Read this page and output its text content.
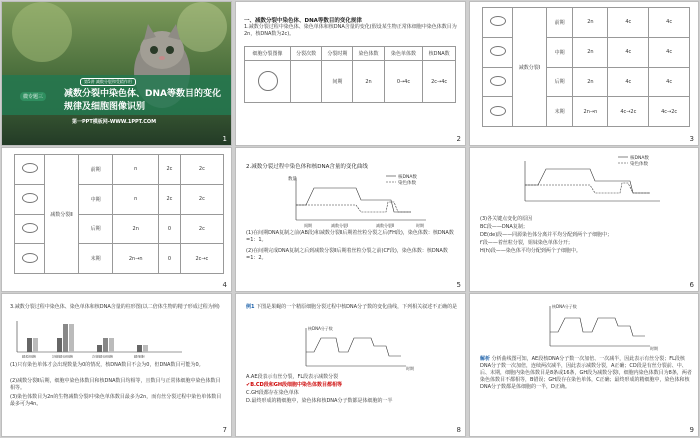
微专题三
第5讲 减数分裂和受精作用
减数分裂中染色体、DNA等数目的变化
规律及细胞图像识别
第一PPT模板网-WWW.1PPT.COM
1
一、减数分裂中染色体、DNA等数目的变化规律
1.减数分裂过程中染色体、染色单体和核DNA含量的变化(假设某生物正常体细胞中染色体数目为2n，核DNA数为2c)。
细胞分裂图像	分裂次数	分裂时期	染色体数	染色单体数	核DNA数
		间期	2n	0→4c	2c→4c
2
	减数分裂Ⅰ	前期	2n	4c	4c
		中期	2n	4c	4c
		后期	2n	4c	4c
		末期	2n→n	4c→2c	4c→2c
3
	减数分裂Ⅱ	前期	n	2c	2c
		中期	n	2c	2c
		后期	2n	0	2c
		末期	2n→n	0	2c→c
4
2.减数分裂过程中染色体和核DNA含量的变化曲线
核DNA数
染色体数
数量
间期	减数分裂Ⅰ	减数分裂Ⅱ	时期
(1)在间期DNA复制之前(AB段)和减数分裂Ⅱ后期着丝粒分裂之后(FH段)，染色体数：核DNA数=1：1。
(2)在间期完成DNA复制之后到减数分裂Ⅱ后期着丝粒分裂之前(CF段)，染色体数：核DNA数=1：2。
5
核DNA数
染色体数
(3)各关键点变化的原因
BC段——DNA复制；
DE(de)段——同源染色体分离并平均分配到两个子细胞中；
f′段——着丝粒分裂，姐妹染色单体分开；
H(h)段——染色体平均分配到两个子细胞中。
6
3.减数分裂过程中染色体、染色单体和核DNA含量的柱形图(以二倍体生物的精子形成过程为例)
精原细胞	初级精母细胞	次级精母细胞	精细胞
(1)只有染色单体才会出现数量为0的情况，核DNA数目不会为0，但DNA数目可能为0。
(2)减数分裂Ⅱ后期，细胞中染色体数目和核DNA数目均相等，且数目与正常体细胞中染色体数目相等。
(3)染色体数目为2n的生物减数分裂Ⅰ中染色单体数目最多为2n，而有丝分裂过程中染色单体数目最多可为4n。
7
例1 下图是果蝇的一个精原细胞分裂过程中核DNA分子数的变化曲线，下列相关叙述不正确的是
核DNA分子数
时期
A.AE段表示有丝分裂，FL段表示减数分裂
✔B.CD段和GH段细胞中染色体数目都相等
C.GH段都存在染色单体
D.最终形成的精细胞中，染色体和核DNA分子数都是体细胞的一半
8
核DNA分子数
时期
解析 分析曲线图可知，AE段核DNA分子数一次加倍、一次减半，因此表示有丝分裂；FL段核DNA分子数一次加倍，连续两次减半，因此表示减数分裂，A正确；CD段是有丝分裂前、中、后、末期，细胞内染色体数目是8条或16条，GH段为减数分裂Ⅰ，细胞内染色体数目为8条，两者染色体数目不都相等，B错误；GH段存在染色单体，C正确；最终形成的精细胞中，染色体和核DNA分子数都是体细胞的一半，D正确。
9
